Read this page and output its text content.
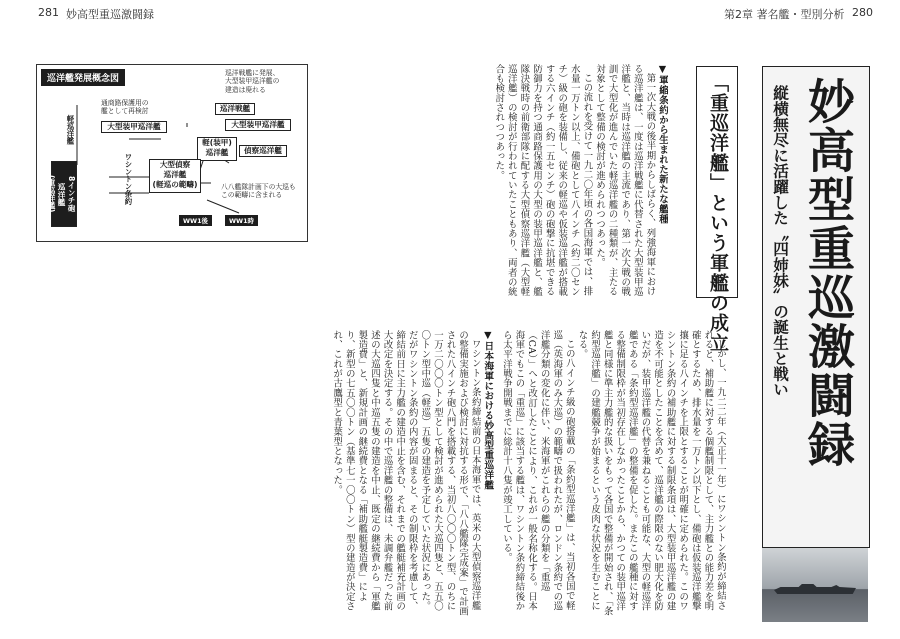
281 妙高型重巡激闘録	第2章 著名艦・型別分析 280
妙高型重巡激闘録
縦横無尽に活躍した〝四姉妹〟の誕生と戦い
「重巡洋艦」という軍艦の成立
▼軍縮条約から生まれた新たな艦種
第一次大戦の後半期からしばらく、列強海軍における巡洋艦は、一度は巡洋戦艦に代替された大型装甲巡洋艦と、当時は巡洋艦の主流であり、第一次大戦の戦訓で大型化が進んでいた軽巡洋艦の二種類が、主たる対象として整備の検討が進められつつあった。
この流れを受けて一九二〇年頃の各国海軍では、排水量一万トン以上、備砲として八インチ（約二〇センチ）級の砲を装備し、従来の軽巡や仮装巡洋艦が搭載する六インチ（約一五センチ）砲の砲撃に抗堪できる防御力を持つ通商路保護用の大型の装甲巡洋艦と、艦隊決戦時の前衛部隊に配する大型偵察巡洋艦（大型軽巡洋艦）の検討が行われていたこともあり、両者の統合も検討されつつあった。
しかし、一九二二年（大正十一年）にワシントン条約が締結されると、補助艦に対する個艦制限として、主力艦との能力差を明確とするため、排水量を一万トン以下とし、備砲は仮装巡洋艦撃攘に足る八インチを上限とすることが明確に定められた。このワシントン条約の補助艦に対する制限条項は、大型装甲巡洋艦の建造を不可能としたことを含めて、巡洋艦の際限のない肥大化を防いだが、装甲巡洋艦の代替を兼ねることも可能な、大型の軽巡洋艦である「条約型巡洋艦」の整備を促した。またこの艦種に対する整備制限枠が当初存在しなかったことから、かつての装甲巡洋艦と同様に準主力艦的な扱いをもって各国で整備が開始され、「条約型巡洋艦」の建艦競争が始まるという皮肉な状況を生むことになる。
この八インチ級の砲搭載の「条約型巡洋艦」は、当初各国で軽巡（英海軍のみ大巡）の範疇で扱われたが、ロンドン条約での巡洋艦分類の変化に伴い、米海軍がこれらの艦の分類を「重巡（CA）」へと改訂したことにより、これが一般名称化する。日本海軍でもこの「重巡」に該当する艦は、ワシントン条約締結後から太平洋戦争開戦までに総計十八隻が竣工している。
▼日本海軍における妙高型重巡洋艦
ワシントン条約締結前の日本海軍では、英米の大型偵察巡洋艦の整備実施および検討に対抗する形で、「八八艦隊完成案」で計画された八インチ砲八門を搭載する、当初八〇〇〇トン型、のちに一万二〇〇〇トン型として検討が進められた大巡四隻と、五五〇〇トン型中巡（軽巡）五隻の建造を予定していた状況にあった。だがワシントン条約の内容が固まると、その制限枠を考慮して、締結前日に主力艦の建造中止を含む、それまでの艦艇補充計画の大改定を決定する。その中で巡洋艦の整備は、未調弁艦だった前述の大巡四隻と中巡五隻の建造を中止、既定の継続費から「軍艦製造費」と、新規計画の継続費となる「補助艦艇製造費」により、新型の七五〇〇トン（基準七一〇〇トン）型の建造が決定され、これが古鷹型と青葉型となった。
巡洋艦発展概念図
軽巡洋艦
巡洋戦艦
大型装甲巡洋艦
大型装甲巡洋艦
軽(装甲)
巡洋艦	偵察巡洋艦
大型偵察
巡洋艦
(軽巡の範疇)
ワシントン条約
8インチ砲
巡洋艦
(重巡洋艦)
巡洋戦艦に発展、
大型装甲巡洋艦の
建造は廃れる
通商路保護用の
艦として再検討
八八艦隊計画下の大巡も
この範疇に含まれる
WW1後	WW1時
